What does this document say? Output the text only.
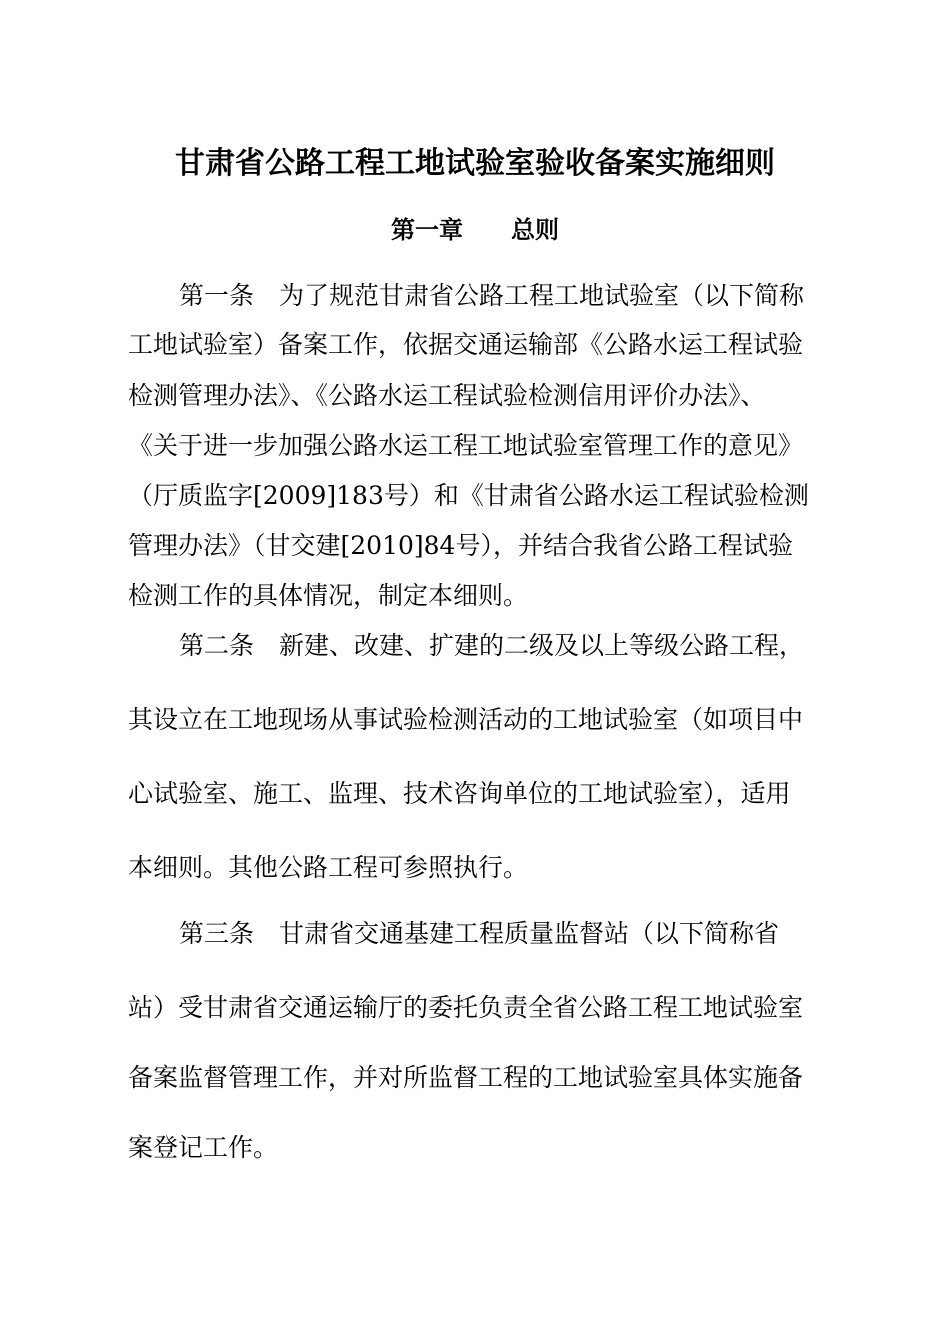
甘肃省公路工程工地试验室验收备案实施细则
第一章　　总则
第一条　为了规范甘肃省公路工程工地试验室（以下简称
工地试验室）备案工作，依据交通运输部《公路水运工程试验
检测管理办法》、《公路水运工程试验检测信用评价办法》、
《关于进一步加强公路水运工程工地试验室管理工作的意见》
（厅质监字[2009]183号）和《甘肃省公路水运工程试验检测
管理办法》（甘交建[2010]84号），并结合我省公路工程试验
检测工作的具体情况，制定本细则。
第二条　新建、改建、扩建的二级及以上等级公路工程，
其设立在工地现场从事试验检测活动的工地试验室（如项目中
心试验室、施工、监理、技术咨询单位的工地试验室），适用
本细则。其他公路工程可参照执行。
第三条　甘肃省交通基建工程质量监督站（以下简称省
站）受甘肃省交通运输厅的委托负责全省公路工程工地试验室
备案监督管理工作，并对所监督工程的工地试验室具体实施备
案登记工作。
